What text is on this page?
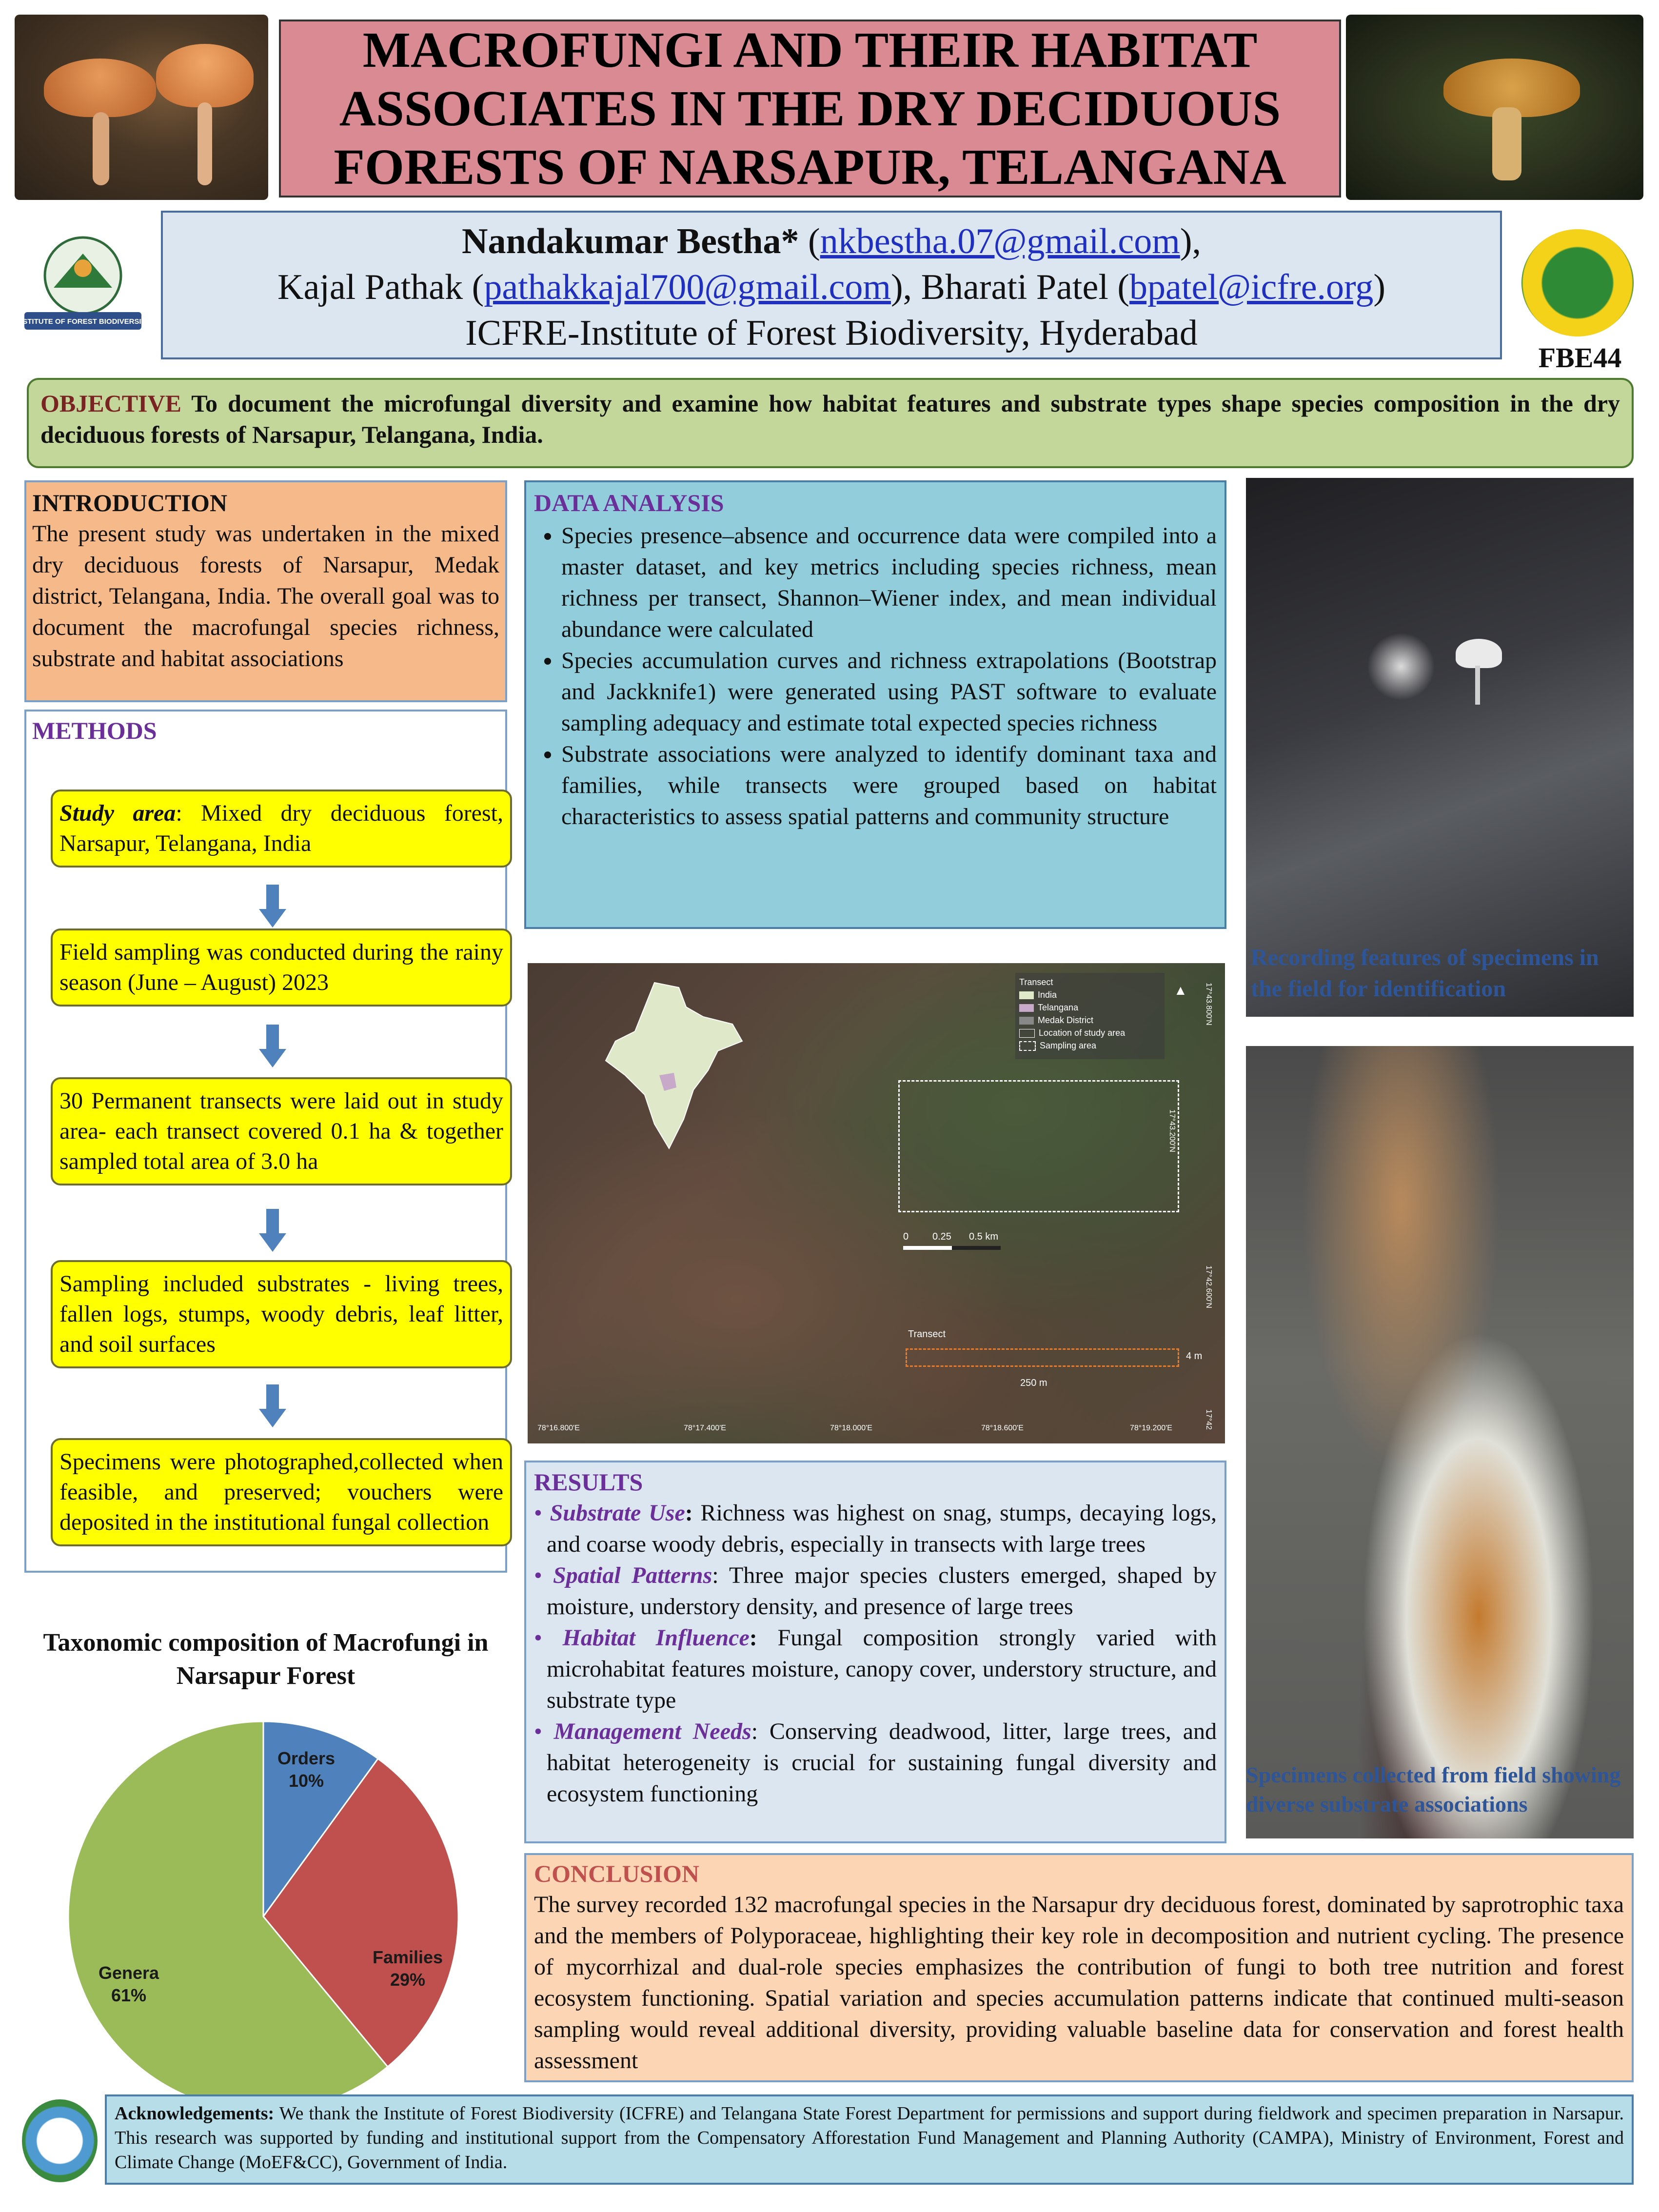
MACROFUNGI AND THEIR HABITAT ASSOCIATES IN THE DRY DECIDUOUS FORESTS OF NARSAPUR, TELANGANA
INSTITUTE OF FOREST BIODIVERSITY
Nandakumar Bestha* (nkbestha.07@gmail.com),
Kajal Pathak (pathakkajal700@gmail.com), Bharati Patel (bpatel@icfre.org)
ICFRE-Institute of Forest Biodiversity, Hyderabad
FBE44
OBJECTIVE To document the microfungal diversity and examine how habitat features and substrate types shape species composition in the dry deciduous forests of Narsapur, Telangana, India.
INTRODUCTION
The present study was undertaken in the mixed dry deciduous forests of Narsapur, Medak district, Telangana, India. The overall goal was to document the macrofungal species richness, substrate and habitat associations
METHODS
Study area: Mixed dry deciduous forest, Narsapur, Telangana, India
Field sampling was conducted during the rainy season (June – August) 2023
30 Permanent transects were laid out in study area- each transect covered 0.1 ha & together sampled total area of 3.0 ha
Sampling included substrates - living trees, fallen logs, stumps, woody debris, leaf litter, and soil surfaces
Specimens were photographed,collected when feasible, and preserved; vouchers were deposited in the institutional fungal collection
Taxonomic composition of Macrofungi in Narsapur Forest
Orders
10%
Families
29%
Genera
61%
DATA ANALYSIS
• Species presence–absence and occurrence data were compiled into a master dataset, and key metrics including species richness, mean richness per transect, Shannon–Wiener index, and mean individual abundance were calculated
• Species accumulation curves and richness extrapolations (Bootstrap and Jackknife1) were generated using PAST software to evaluate sampling adequacy and estimate total expected species richness
• Substrate associations were analyzed to identify dominant taxa and families, while transects were grouped based on habitat characteristics to assess spatial patterns and community structure
Transect
India
Telangana
Medak District
Location of study area
Sampling area
▲
0 0.25 0.5 km
Transect
4 m
250 m
78°16.800'E	78°17.400'E	78°18.000'E	78°18.600'E	78°19.200'E
17°43.200'N
17°42.600'N
17°43.800'N
17°42
RESULTS
• Substrate Use: Richness was highest on snag, stumps, decaying logs, and coarse woody debris, especially in transects with large trees
• Spatial Patterns: Three major species clusters emerged, shaped by moisture, understory density, and presence of large trees
• Habitat Influence: Fungal composition strongly varied with microhabitat features moisture, canopy cover, understory structure, and substrate type
• Management Needs: Conserving deadwood, litter, large trees, and habitat heterogeneity is crucial for sustaining fungal diversity and ecosystem functioning
Recording features of specimens in the field for identification
Specimens collected from field showing diverse substrate associations
CONCLUSION
The survey recorded 132 macrofungal species in the Narsapur dry deciduous forest, dominated by saprotrophic taxa and the members of Polyporaceae, highlighting their key role in decomposition and nutrient cycling. The presence of mycorrhizal and dual-role species emphasizes the contribution of fungi to both tree nutrition and forest ecosystem functioning. Spatial variation and species accumulation patterns indicate that continued multi-season sampling would reveal additional diversity, providing valuable baseline data for conservation and forest health assessment
Acknowledgements: We thank the Institute of Forest Biodiversity (ICFRE) and Telangana State Forest Department for permissions and support during fieldwork and specimen preparation in Narsapur. This research was supported by funding and institutional support from the Compensatory Afforestation Fund Management and Planning Authority (CAMPA), Ministry of Environment, Forest and Climate Change (MoEF&CC), Government of India.
